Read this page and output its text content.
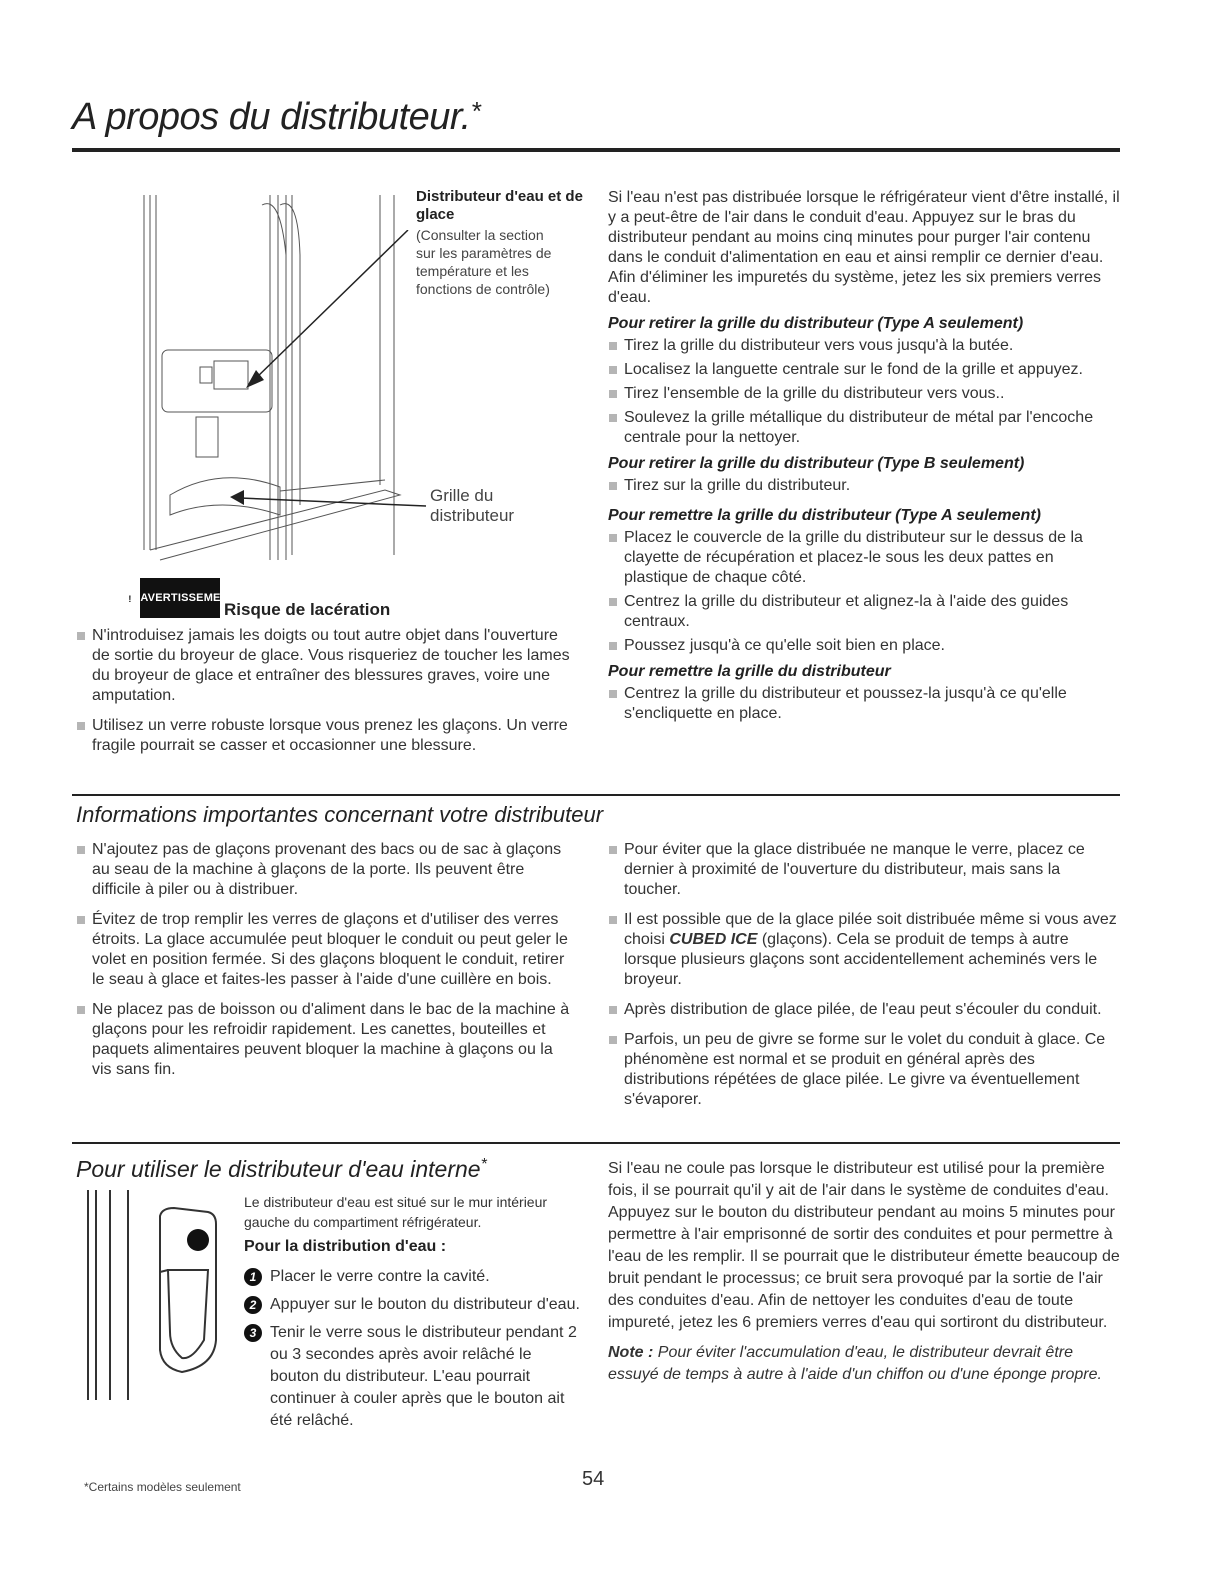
A propos du distributeur.*
Distributeur d'eau et de glace
(Consulter la section sur les paramètres de température et les fonctions de contrôle)
Grille du distributeur
! AVERTISSEMENT
Risque de lacération
N'introduisez jamais les doigts ou tout autre objet dans l'ouverture de sortie du broyeur de glace. Vous risqueriez de toucher les lames du broyeur de glace et entraîner des blessures graves, voire une amputation.
Utilisez un verre robuste lorsque vous prenez les glaçons. Un verre fragile pourrait se casser et occasionner une blessure.
Si l'eau n'est pas distribuée lorsque le réfrigérateur vient d'être installé, il y a peut-être de l'air dans le conduit d'eau. Appuyez sur le bras du distributeur pendant au moins cinq minutes pour purger l'air contenu dans le conduit d'alimentation en eau et ainsi remplir ce dernier d'eau. Afin d'éliminer les impuretés du système, jetez les six premiers verres d'eau.
Pour retirer la grille du distributeur (Type A seulement)
Tirez la grille du distributeur vers vous jusqu'à la butée.
Localisez la languette centrale sur le fond de la grille et appuyez.
Tirez l'ensemble de la grille du distributeur vers vous..
Soulevez la grille métallique du distributeur de métal par l'encoche centrale pour la nettoyer.
Pour retirer la grille du distributeur (Type B seulement)
Tirez sur la grille du distributeur.
Pour remettre la grille du distributeur (Type A seulement)
Placez le couvercle de la grille du distributeur sur le dessus de la clayette de récupération et placez-le sous les deux pattes en plastique de chaque côté.
Centrez la grille du distributeur et alignez-la à l'aide des guides centraux.
Poussez jusqu'à ce qu'elle soit bien en place.
Pour remettre la grille du distributeur
Centrez la grille du distributeur et poussez-la jusqu'à ce qu'elle s'encliquette en place.
Informations importantes concernant votre distributeur
N'ajoutez pas de glaçons provenant des bacs ou de sac à glaçons au seau de la machine à glaçons de la porte. Ils peuvent être difficile à piler ou à distribuer.
Évitez de trop remplir les verres de glaçons et d'utiliser des verres étroits. La glace accumulée peut bloquer le conduit ou peut geler le volet en position fermée. Si des glaçons bloquent le conduit, retirer le seau à glace et faites-les passer à l'aide d'une cuillère en bois.
Ne placez pas de boisson ou d'aliment dans le bac de la machine à glaçons pour les refroidir rapidement. Les canettes, bouteilles et paquets alimentaires peuvent bloquer la machine à glaçons ou la vis sans fin.
Pour éviter que la glace distribuée ne manque le verre, placez ce dernier à proximité de l'ouverture du distributeur, mais sans la toucher.
Il est possible que de la glace pilée soit distribuée même si vous avez choisi CUBED ICE (glaçons). Cela se produit de temps à autre lorsque plusieurs glaçons sont accidentellement acheminés vers le broyeur.
Après distribution de glace pilée, de l'eau peut s'écouler du conduit.
Parfois, un peu de givre se forme sur le volet du conduit à glace. Ce phénomène est normal et se produit en général après des distributions répétées de glace pilée. Le givre va éventuellement s'évaporer.
Pour utiliser le distributeur d'eau interne*
Le distributeur d'eau est situé sur le mur intérieur gauche du compartiment réfrigérateur.
Pour la distribution d'eau :
1 Placer le verre contre la cavité.
2 Appuyer sur le bouton du distributeur d'eau.
3 Tenir le verre sous le distributeur pendant 2 ou 3 secondes après avoir relâché le bouton du distributeur. L'eau pourrait continuer à couler après que le bouton ait été relâché.
Si l'eau ne coule pas lorsque le distributeur est utilisé pour la première fois, il se pourrait qu'il y ait de l'air dans le système de conduites d'eau. Appuyez sur le bouton du distributeur pendant au moins 5 minutes pour permettre à l'air emprisonné de sortir des conduites et pour permettre à l'eau de les remplir. Il se pourrait que le distributeur émette beaucoup de bruit pendant le processus; ce bruit sera provoqué par la sortie de l'air des conduites d'eau. Afin de nettoyer les conduites d'eau de toute impureté, jetez les 6 premiers verres d'eau qui sortiront du distributeur.
Note : Pour éviter l'accumulation d'eau, le distributeur devrait être essuyé de temps à autre à l'aide d'un chiffon ou d'une éponge propre.
*Certains modèles seulement	54
